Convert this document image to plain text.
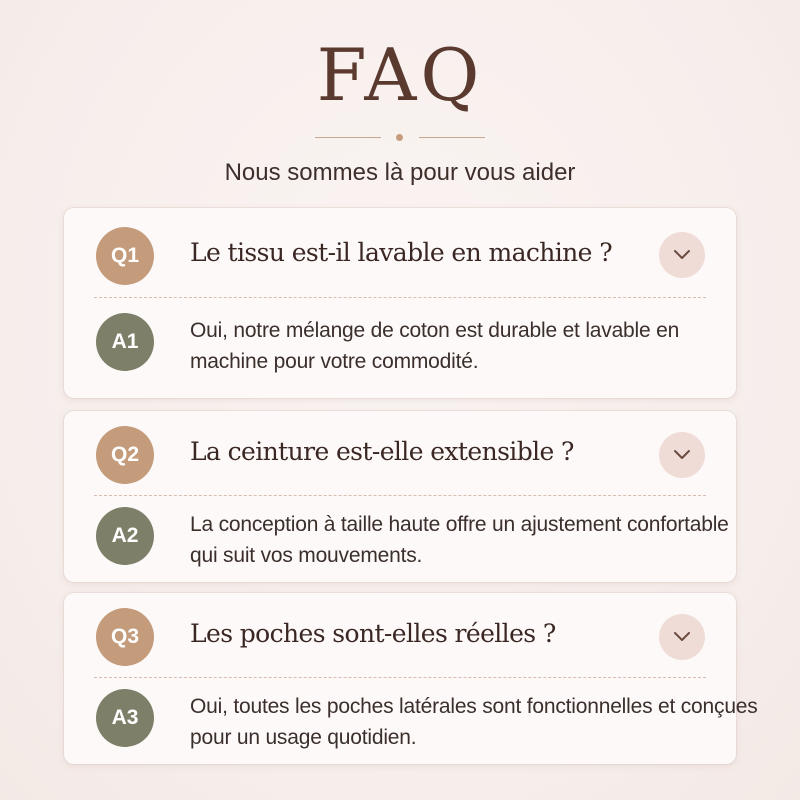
FAQ
Nous sommes là pour vous aider
Q1	Le tissu est-il lavable en machine ?
A1	Oui, notre mélange de coton est durable et lavable en machine pour votre commodité.
Q2	La ceinture est-elle extensible ?
A2	La conception à taille haute offre un ajustement confortable qui suit vos mouvements.
Q3	Les poches sont-elles réelles ?
A3	Oui, toutes les poches latérales sont fonctionnelles et conçues pour un usage quotidien.
